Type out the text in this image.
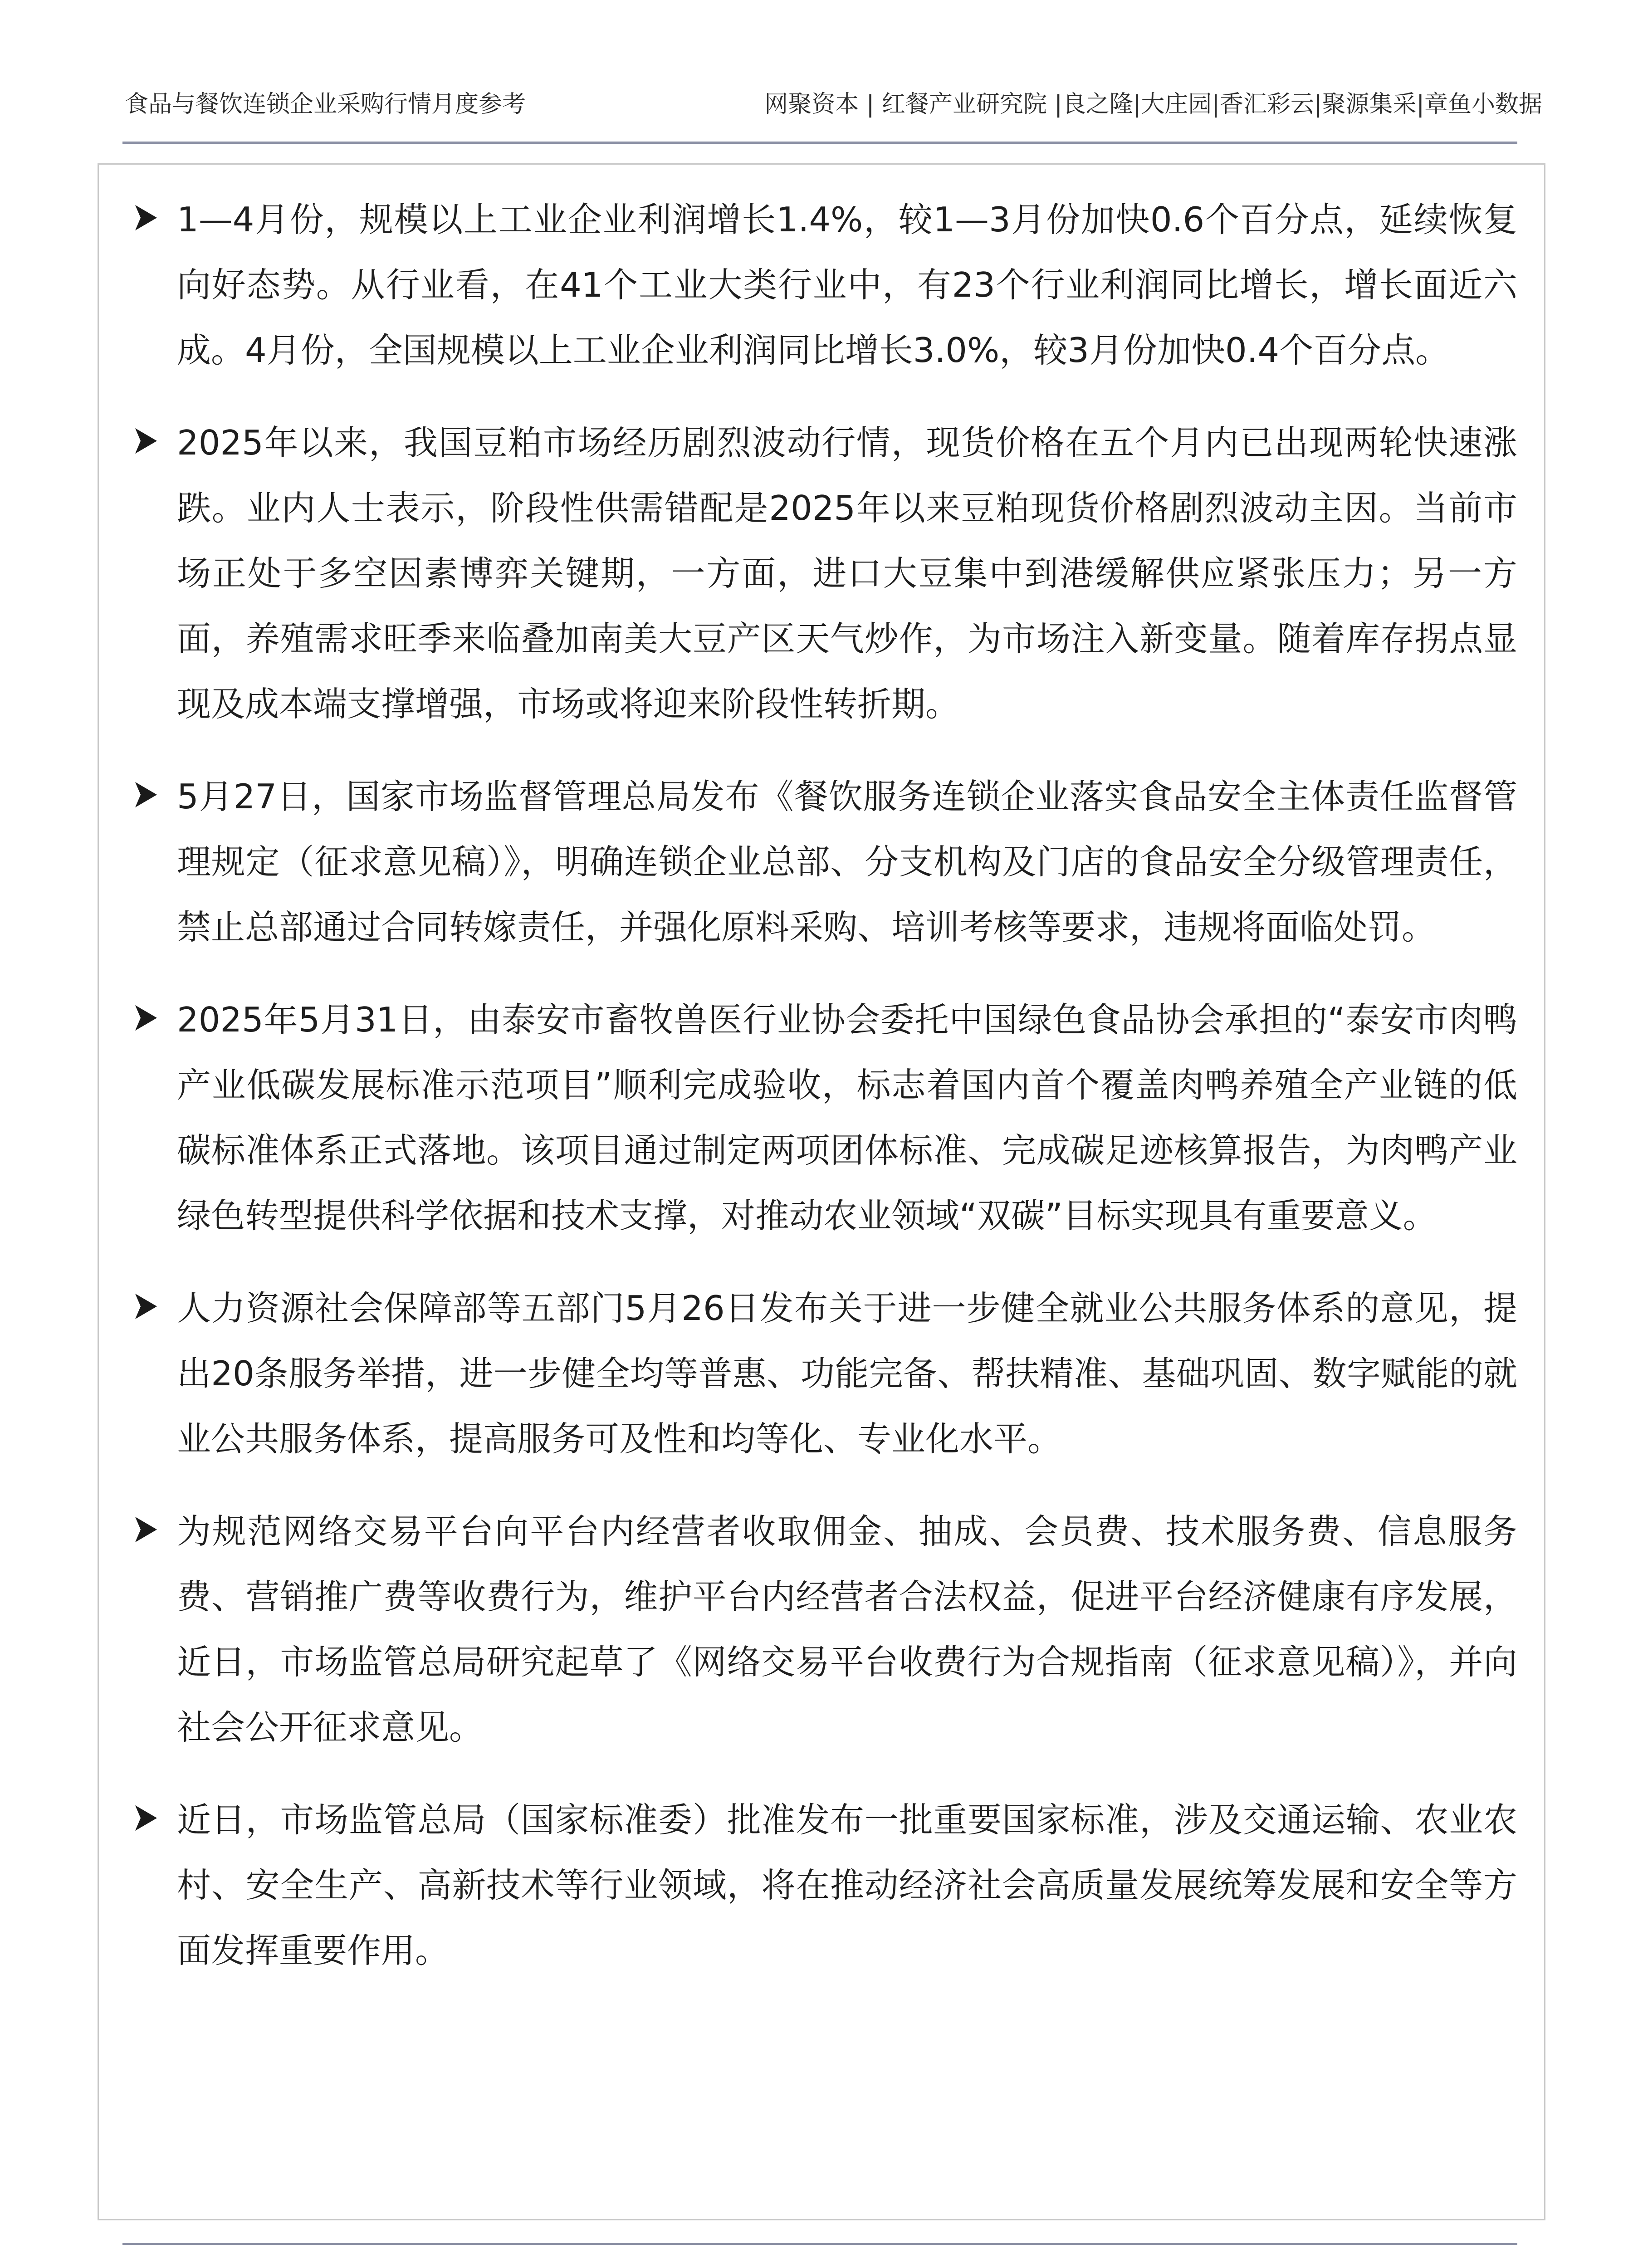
食品与餐饮连锁企业采购行情月度参考	网聚资本 | 红餐产业研究院 |良之隆|大庄园|香汇彩云|聚源集采|章鱼小数据

1—4月份，规模以上工业企业利润增长1.4%，较1—3月份加快0.6个百分点，延续恢复向好态势。从行业看，在41个工业大类行业中，有23个行业利润同比增长，增长面近六成。4月份，全国规模以上工业企业利润同比增长3.0%，较3月份加快0.4个百分点。

2025年以来，我国豆粕市场经历剧烈波动行情，现货价格在五个月内已出现两轮快速涨跌。业内人士表示，阶段性供需错配是2025年以来豆粕现货价格剧烈波动主因。当前市场正处于多空因素博弈关键期，一方面，进口大豆集中到港缓解供应紧张压力；另一方面，养殖需求旺季来临叠加南美大豆产区天气炒作，为市场注入新变量。随着库存拐点显现及成本端支撑增强，市场或将迎来阶段性转折期。

5月27日，国家市场监督管理总局发布《餐饮服务连锁企业落实食品安全主体责任监督管理规定（征求意见稿）》，明确连锁企业总部、分支机构及门店的食品安全分级管理责任，禁止总部通过合同转嫁责任，并强化原料采购、培训考核等要求，违规将面临处罚。

2025年5月31日，由泰安市畜牧兽医行业协会委托中国绿色食品协会承担的“泰安市肉鸭产业低碳发展标准示范项目”顺利完成验收，标志着国内首个覆盖肉鸭养殖全产业链的低碳标准体系正式落地。该项目通过制定两项团体标准、完成碳足迹核算报告，为肉鸭产业绿色转型提供科学依据和技术支撑，对推动农业领域“双碳”目标实现具有重要意义。

人力资源社会保障部等五部门5月26日发布关于进一步健全就业公共服务体系的意见，提出20条服务举措，进一步健全均等普惠、功能完备、帮扶精准、基础巩固、数字赋能的就业公共服务体系，提高服务可及性和均等化、专业化水平。

为规范网络交易平台向平台内经营者收取佣金、抽成、会员费、技术服务费、信息服务费、营销推广费等收费行为，维护平台内经营者合法权益，促进平台经济健康有序发展，近日，市场监管总局研究起草了《网络交易平台收费行为合规指南（征求意见稿）》，并向社会公开征求意见。

近日，市场监管总局（国家标准委）批准发布一批重要国家标准，涉及交通运输、农业农村、安全生产、高新技术等行业领域，将在推动经济社会高质量发展统筹发展和安全等方面发挥重要作用。
